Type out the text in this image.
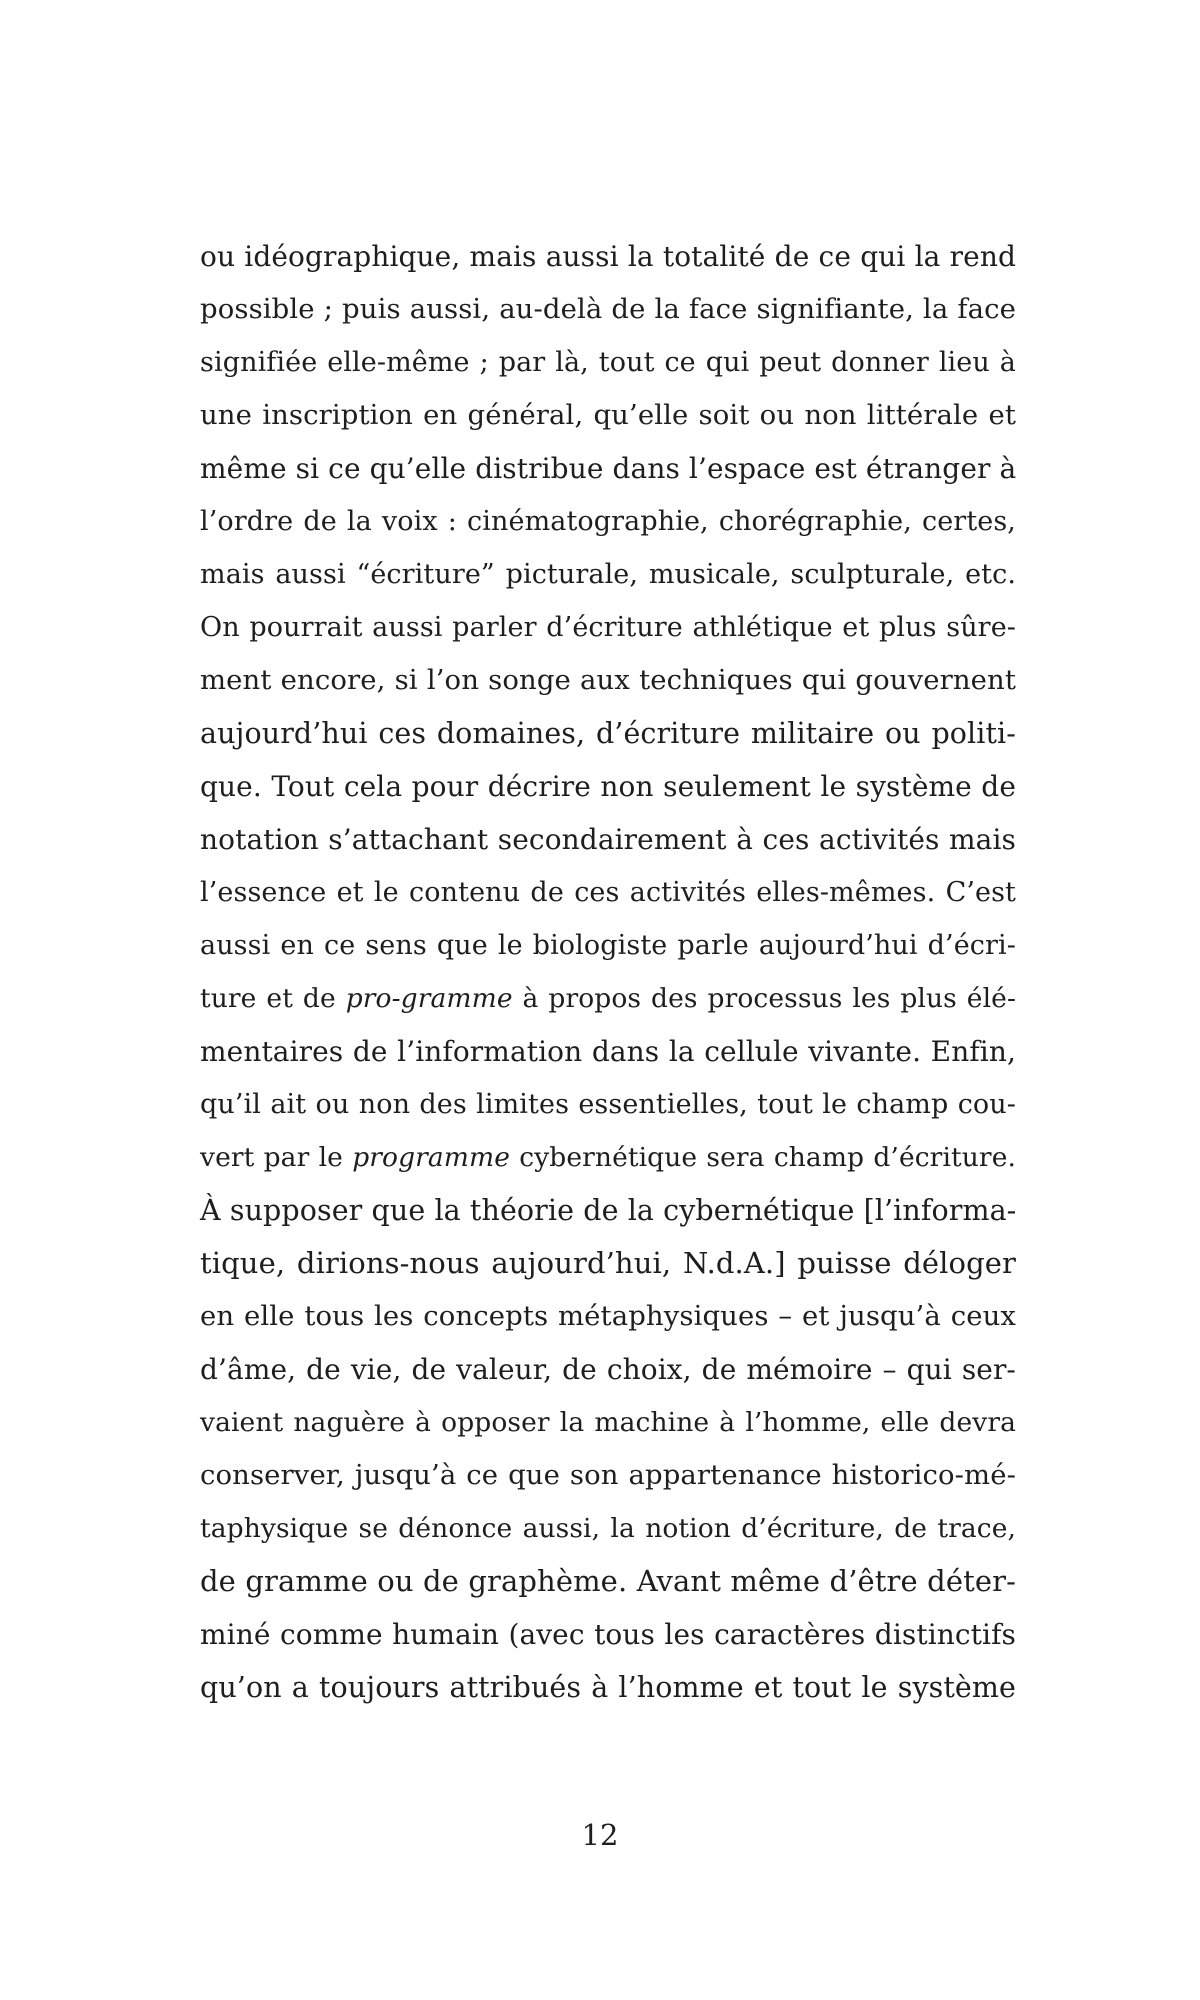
ou idéographique, mais aussi la totalité de ce qui la rend
possible ; puis aussi, au-delà de la face signifiante, la face
signifiée elle-même ; par là, tout ce qui peut donner lieu à
une inscription en général, qu’elle soit ou non littérale et
même si ce qu’elle distribue dans l’espace est étranger à
l’ordre de la voix : cinématographie, chorégraphie, certes,
mais aussi “écriture” picturale, musicale, sculpturale, etc.
On pourrait aussi parler d’écriture athlétique et plus sûre-
ment encore, si l’on songe aux techniques qui gouvernent
aujourd’hui ces domaines, d’écriture militaire ou politi-
que. Tout cela pour décrire non seulement le système de
notation s’attachant secondairement à ces activités mais
l’essence et le contenu de ces activités elles-mêmes. C’est
aussi en ce sens que le biologiste parle aujourd’hui d’écri-
ture et de pro-gramme à propos des processus les plus élé-
mentaires de l’information dans la cellule vivante. Enfin,
qu’il ait ou non des limites essentielles, tout le champ cou-
vert par le programme cybernétique sera champ d’écriture.
À supposer que la théorie de la cybernétique [l’informa-
tique, dirions-nous aujourd’hui, N.d.A.] puisse déloger
en elle tous les concepts métaphysiques – et jusqu’à ceux
d’âme, de vie, de valeur, de choix, de mémoire – qui ser-
vaient naguère à opposer la machine à l’homme, elle devra
conserver, jusqu’à ce que son appartenance historico-mé-
taphysique se dénonce aussi, la notion d’écriture, de trace,
de gramme ou de graphème. Avant même d’être déter-
miné comme humain (avec tous les caractères distinctifs
qu’on a toujours attribués à l’homme et tout le système
12
